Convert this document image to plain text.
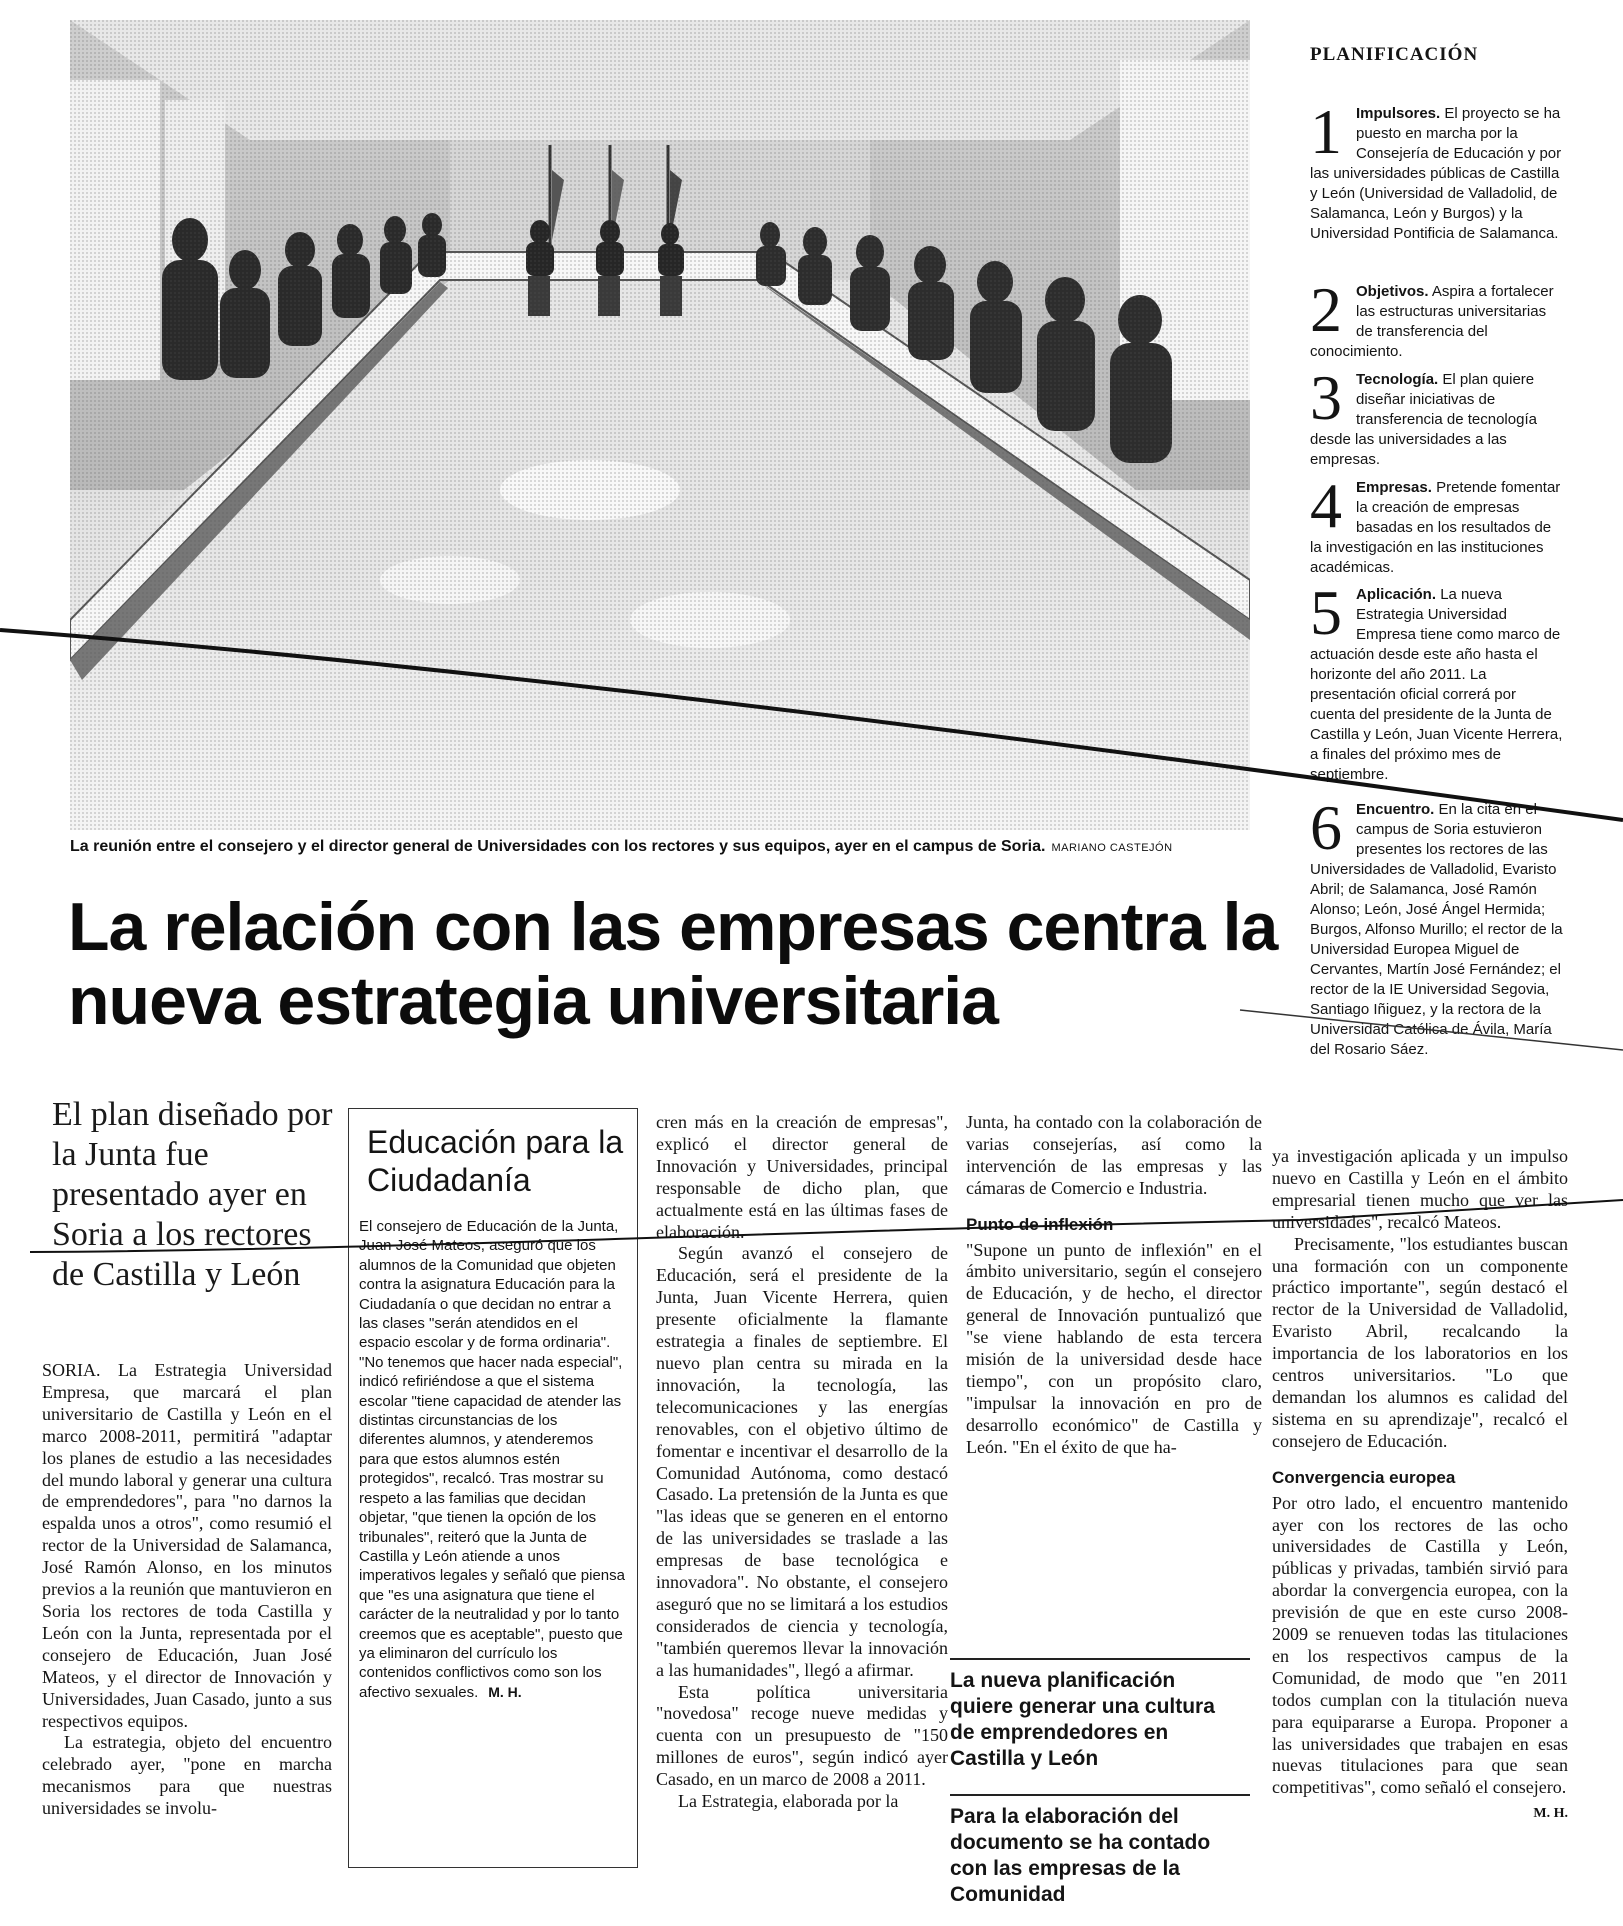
La reunión entre el consejero y el director general de Universidades con los rectores y sus equipos, ayer en el campus de Soria. MARIANO CASTEJÓN
PLANIFICACIÓN
1 Impulsores. El proyecto se ha puesto en marcha por la Consejería de Educación y por las universidades públicas de Castilla y León (Universidad de Valladolid, de Salamanca, León y Burgos) y la Universidad Pontificia de Salamanca.
2 Objetivos. Aspira a fortalecer las estructuras universitarias de transferencia del conocimiento.
3 Tecnología. El plan quiere diseñar iniciativas de transferencia de tecnología desde las universidades a las empresas.
4 Empresas. Pretende fomentar la creación de empresas basadas en los resultados de la investigación en las instituciones académicas.
5 Aplicación. La nueva Estrategia Universidad Empresa tiene como marco de actuación desde este año hasta el horizonte del año 2011. La presentación oficial correrá por cuenta del presidente de la Junta de Castilla y León, Juan Vicente Herrera, a finales del próximo mes de septiembre.
6 Encuentro. En la cita en el campus de Soria estuvieron presentes los rectores de las Universidades de Valladolid, Evaristo Abril; de Salamanca, José Ramón Alonso; León, José Ángel Hermida; Burgos, Alfonso Murillo; el rector de la Universidad Europea Miguel de Cervantes, Martín José Fernández; el rector de la IE Universidad Segovia, Santiago Iñiguez, y la rectora de la Universidad Católica de Ávila, María del Rosario Sáez.
La relación con las empresas centra la nueva estrategia universitaria
El plan diseñado por la Junta fue presentado ayer en Soria a los rectores de Castilla y León
Educación para la Ciudadanía

El consejero de Educación de la Junta, Juan José Mateos, aseguró que los alumnos de la Comunidad que objeten contra la asignatura Educación para la Ciudadanía o que decidan no entrar a las clases "serán atendidos en el espacio escolar y de forma ordinaria". "No tenemos que hacer nada especial", indicó refiriéndose a que el sistema escolar "tiene capacidad de atender las distintas circunstancias de los diferentes alumnos, y atenderemos para que estos alumnos estén protegidos", recalcó. Tras mostrar su respeto a las familias que decidan objetar, "que tienen la opción de los tribunales", reiteró que la Junta de Castilla y León atiende a unos imperativos legales y señaló que piensa que "es una asignatura que tiene el carácter de la neutralidad y por lo tanto creemos que es aceptable", puesto que ya eliminaron del currículo los contenidos conflictivos como son los afectivo sexuales. M. H.

SORIA. La Estrategia Universidad Empresa, que marcará el plan universitario de Castilla y León en el marco 2008-2011, permitirá "adaptar los planes de estudio a las necesidades del mundo laboral y generar una cultura de emprendedores", para "no darnos la espalda unos a otros", como resumió el rector de la Universidad de Salamanca, José Ramón Alonso, en los minutos previos a la reunión que mantuvieron en Soria los rectores de toda Castilla y León con la Junta, representada por el consejero de Educación, Juan José Mateos, y el director de Innovación y Universidades, Juan Casado, junto a sus respectivos equipos.

La estrategia, objeto del encuentro celebrado ayer, "pone en marcha mecanismos para que nuestras universidades se involu-

cren más en la creación de empresas", explicó el director general de Innovación y Universidades, principal responsable de dicho plan, que actualmente está en las últimas fases de elaboración.

Según avanzó el consejero de Educación, será el presidente de la Junta, Juan Vicente Herrera, quien presente oficialmente la flamante estrategia a finales de septiembre. El nuevo plan centra su mirada en la innovación, la tecnología, las telecomunicaciones y las energías renovables, con el objetivo último de fomentar e incentivar el desarrollo de la Comunidad Autónoma, como destacó Casado. La pretensión de la Junta es que "las ideas que se generen en el entorno de las universidades se traslade a las empresas de base tecnológica e innovadora". No obstante, el consejero aseguró que no se limitará a los estudios considerados de ciencia y tecnología, "también queremos llevar la innovación a las humanidades", llegó a afirmar.

Esta política universitaria "novedosa" recoge nueve medidas y cuenta con un presupuesto de "150 millones de euros", según indicó ayer Casado, en un marco de 2008 a 2011.

La Estrategia, elaborada por la

Junta, ha contado con la colaboración de varias consejerías, así como la intervención de las empresas y las cámaras de Comercio e Industria.

Punto de inflexión

"Supone un punto de inflexión" en el ámbito universitario, según el consejero de Educación, y de hecho, el director general de Innovación puntualizó que "se viene hablando de esta tercera misión de la universidad desde hace tiempo", con un propósito claro, "impulsar la innovación en pro de desarrollo económico" de Castilla y León. "En el éxito de que ha-

La nueva planificación quiere generar una cultura de emprendedores en Castilla y León
Para la elaboración del documento se ha contado con las empresas de la Comunidad

ya investigación aplicada y un impulso nuevo en Castilla y León en el ámbito empresarial tienen mucho que ver las universidades", recalcó Mateos.

Precisamente, "los estudiantes buscan una formación con un componente práctico importante", según destacó el rector de la Universidad de Valladolid, Evaristo Abril, recalcando la importancia de los laboratorios en los centros universitarios. "Lo que demandan los alumnos es calidad del sistema en su aprendizaje", recalcó el consejero de Educación.

Convergencia europea

Por otro lado, el encuentro mantenido ayer con los rectores de las ocho universidades de Castilla y León, públicas y privadas, también sirvió para abordar la convergencia europea, con la previsión de que en este curso 2008-2009 se renueven todas las titulaciones en los respectivos campus de la Comunidad, de modo que "en 2011 todos cumplan con la titulación nueva para equipararse a Europa. Proponer a las universidades que trabajen en esas nuevas titulaciones para que sean competitivas", como señaló el consejero.

M. H.
